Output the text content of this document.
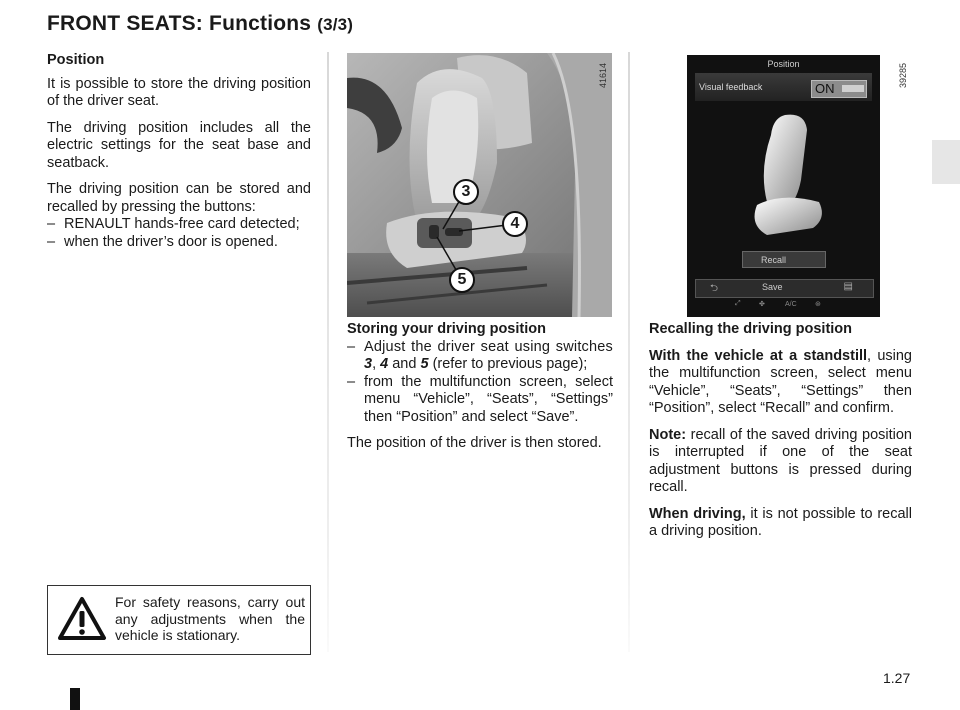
FRONT SEATS: Functions (3/3)

Position

It is possible to store the driving position of the driver seat.

The driving position includes all the electric settings for the seat base and seatback.

The driving position can be stored and recalled by pressing the buttons:

– RENAULT hands-free card detected;
– when the driver’s door is opened.
For safety reasons, carry out any adjustments when the vehicle is stationary.
3
4
5
41614	Position
Visual feedback	ON
Recall
⮌	Save	▤
⤢	✤	A/C	⊛
39285

Storing your driving position

– Adjust the driver seat using switches 3, 4 and 5 (refer to previous page);
– from the multifunction screen, select menu “Vehicle”, “Seats”, “Settings” then “Position” and select “Save”.

The position of the driver is then stored.

Recalling the driving position

With the vehicle at a standstill, using the multifunction screen, select menu “Vehicle”, “Seats”, “Settings” then “Position”, select “Recall” and confirm.

Note: recall of the saved driving position is interrupted if one of the seat adjustment buttons is pressed during recall.

When driving, it is not possible to recall a driving position.

1.27
